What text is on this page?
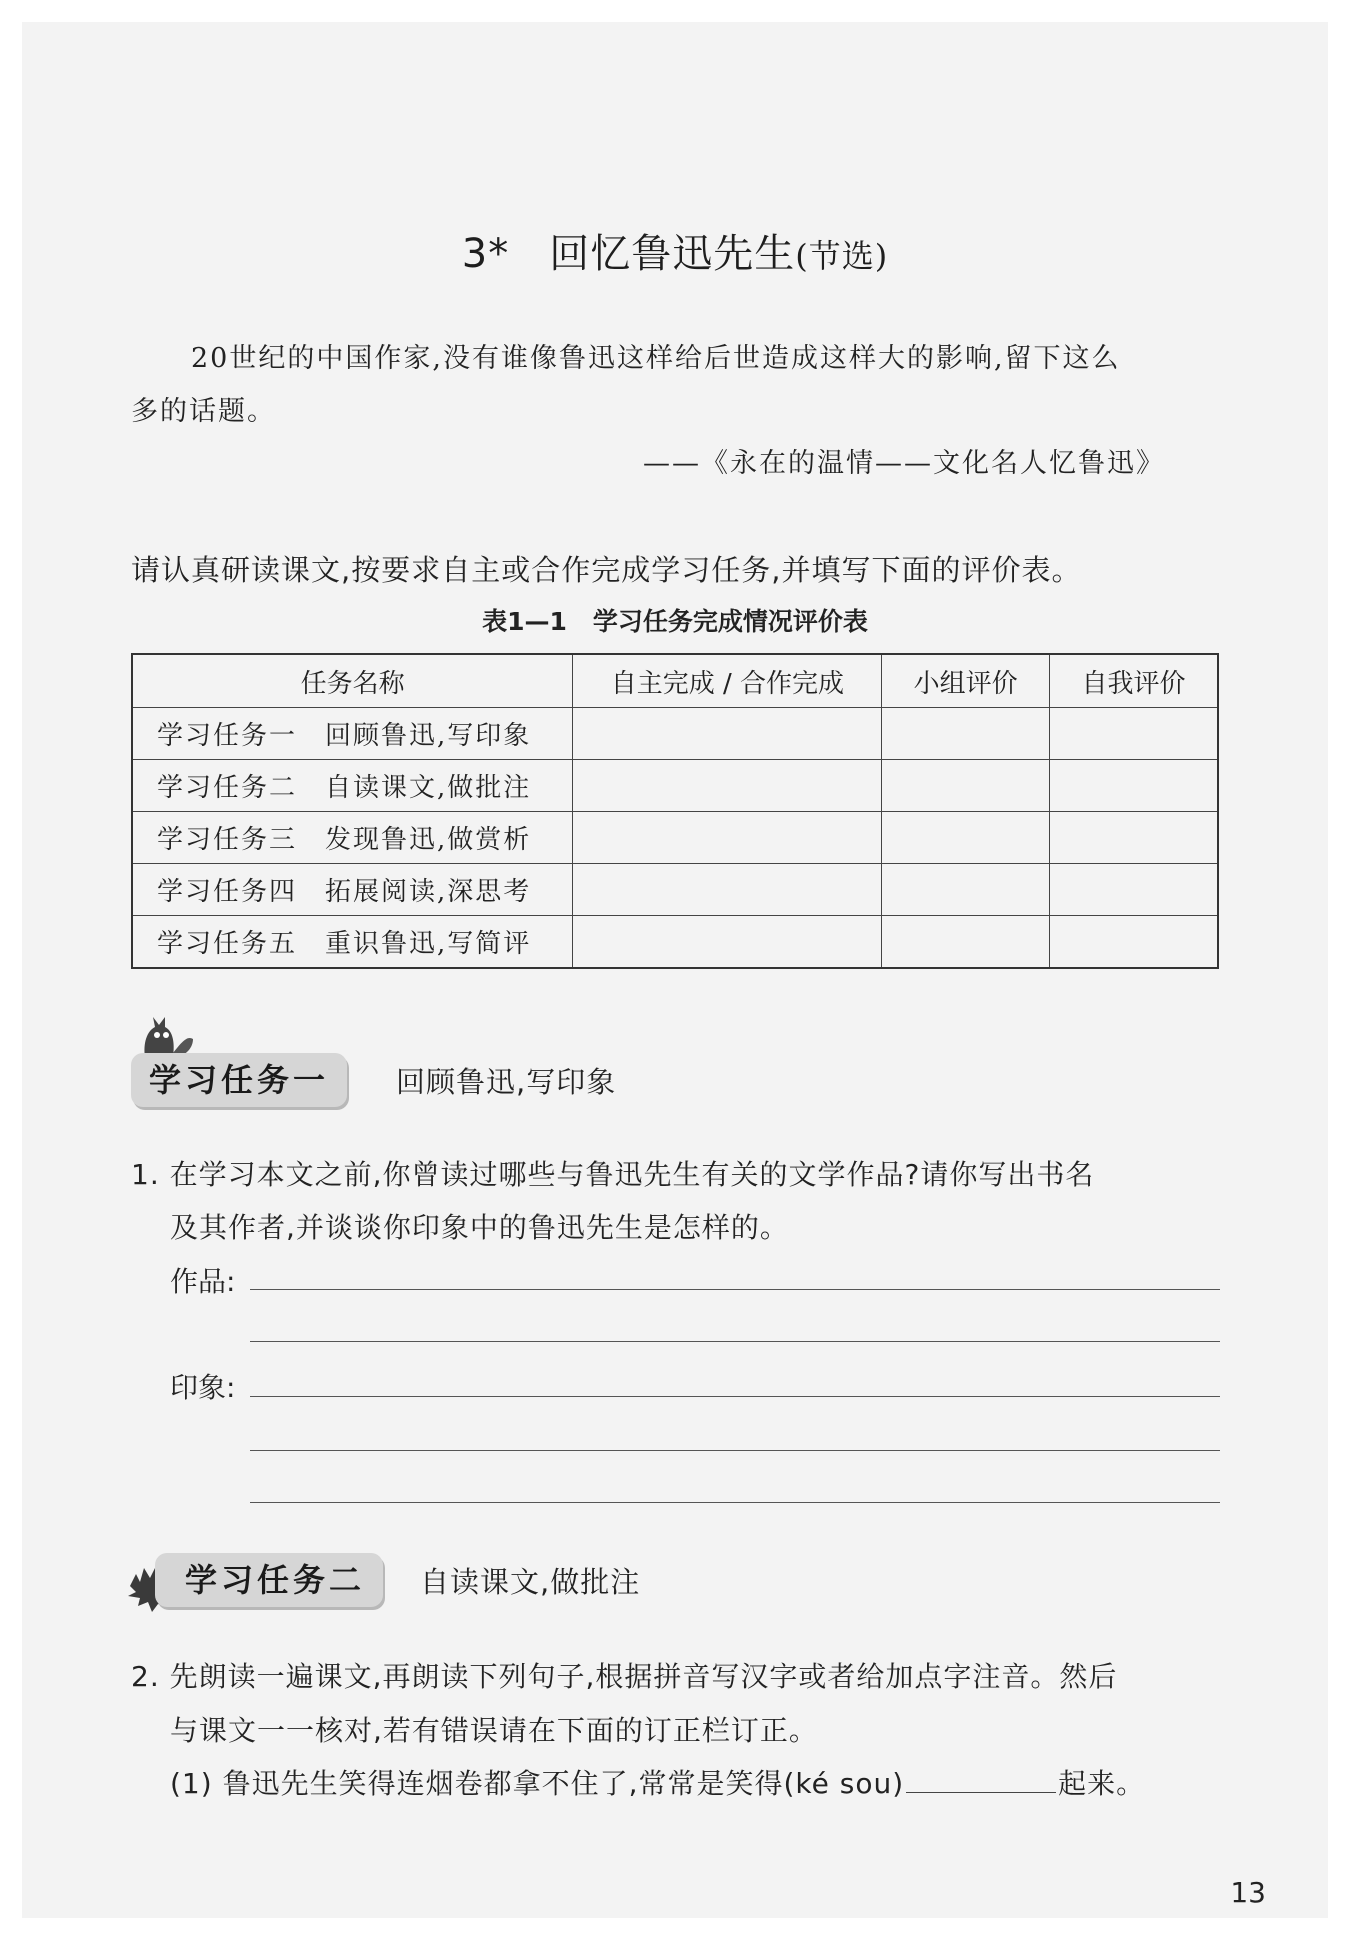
3* 回忆鲁迅先生(节选)
20世纪的中国作家,没有谁像鲁迅这样给后世造成这样大的影响,留下这么
多的话题。
——《永在的温情——文化名人忆鲁迅》
请认真研读课文,按要求自主或合作完成学习任务,并填写下面的评价表。
表1—1 学习任务完成情况评价表
任务名称	自主完成 / 合作完成	小组评价	自我评价
学习任务一 回顾鲁迅,写印象			
学习任务二 自读课文,做批注			
学习任务三 发现鲁迅,做赏析			
学习任务四 拓展阅读,深思考			
学习任务五 重识鲁迅,写简评			
学习任务一	回顾鲁迅,写印象
1. 在学习本文之前,你曾读过哪些与鲁迅先生有关的文学作品?请你写出书名
及其作者,并谈谈你印象中的鲁迅先生是怎样的。
作品:
印象:
学习任务二	自读课文,做批注
2. 先朗读一遍课文,再朗读下列句子,根据拼音写汉字或者给加点字注音。然后
与课文一一核对,若有错误请在下面的订正栏订正。
(1) 鲁迅先生笑得连烟卷都拿不住了,常常是笑得(ké sou)	起来。
13
